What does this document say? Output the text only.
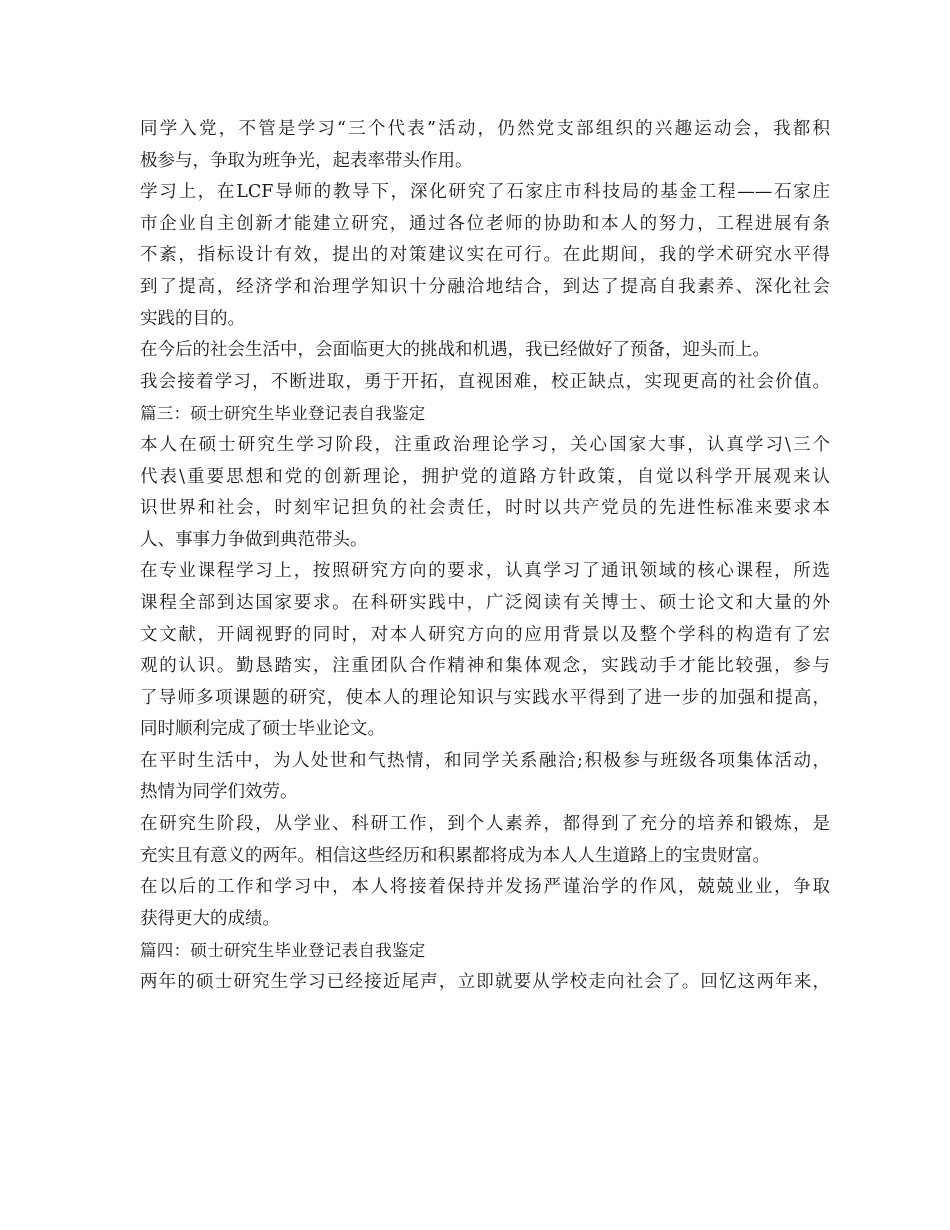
同学入党，不管是学习“三个代表”活动，仍然党支部组织的兴趣运动会，我都积
极参与，争取为班争光，起表率带头作用。
学习上，在LCF导师的教导下，深化研究了石家庄市科技局的基金工程——石家庄
市企业自主创新才能建立研究，通过各位老师的协助和本人的努力，工程进展有条
不紊，指标设计有效，提出的对策建议实在可行。在此期间，我的学术研究水平得
到了提高，经济学和治理学知识十分融洽地结合，到达了提高自我素养、深化社会
实践的目的。
在今后的社会生活中，会面临更大的挑战和机遇，我已经做好了预备，迎头而上。
我会接着学习，不断进取，勇于开拓，直视困难，校正缺点，实现更高的社会价值。
篇三：硕士研究生毕业登记表自我鉴定
本人在硕士研究生学习阶段，注重政治理论学习，关心国家大事，认真学习\三个
代表\重要思想和党的创新理论，拥护党的道路方针政策，自觉以科学开展观来认
识世界和社会，时刻牢记担负的社会责任，时时以共产党员的先进性标准来要求本
人、事事力争做到典范带头。
在专业课程学习上，按照研究方向的要求，认真学习了通讯领域的核心课程，所选
课程全部到达国家要求。在科研实践中，广泛阅读有关博士、硕士论文和大量的外
文文献，开阔视野的同时，对本人研究方向的应用背景以及整个学科的构造有了宏
观的认识。勤恳踏实，注重团队合作精神和集体观念，实践动手才能比较强，参与
了导师多项课题的研究，使本人的理论知识与实践水平得到了进一步的加强和提高，
同时顺利完成了硕士毕业论文。
在平时生活中，为人处世和气热情，和同学关系融洽;积极参与班级各项集体活动，
热情为同学们效劳。
在研究生阶段，从学业、科研工作，到个人素养，都得到了充分的培养和锻炼，是
充实且有意义的两年。相信这些经历和积累都将成为本人人生道路上的宝贵财富。
在以后的工作和学习中，本人将接着保持并发扬严谨治学的作风，兢兢业业，争取
获得更大的成绩。
篇四：硕士研究生毕业登记表自我鉴定
两年的硕士研究生学习已经接近尾声，立即就要从学校走向社会了。回忆这两年来，
